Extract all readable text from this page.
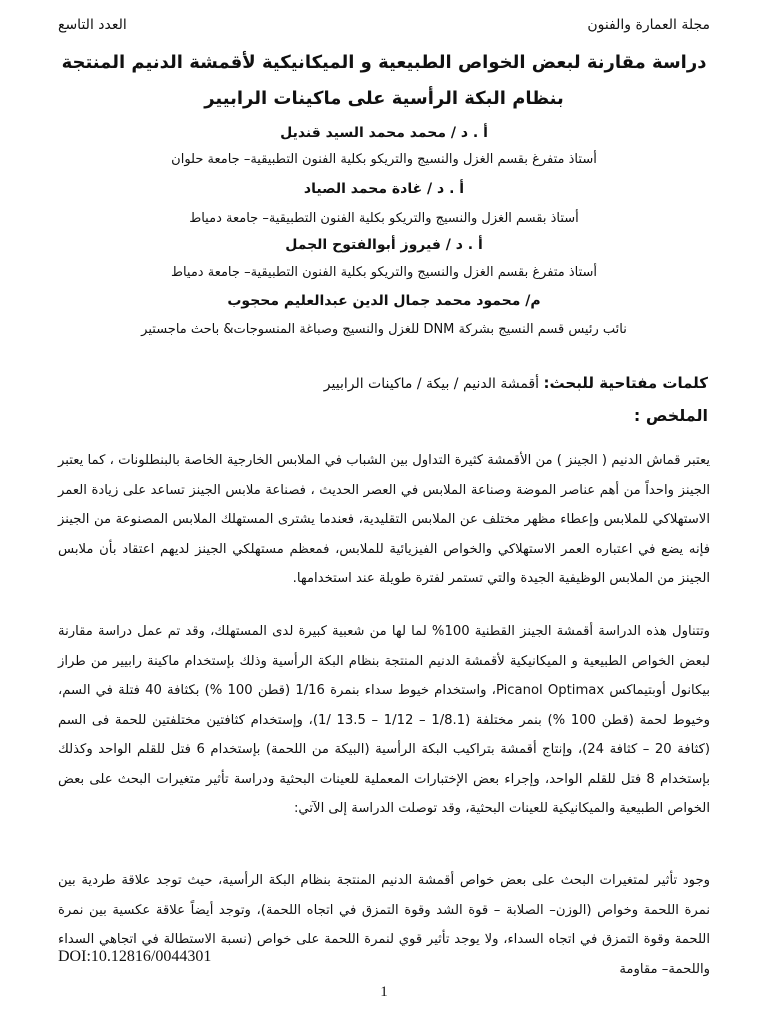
مجلة العمارة والفنون
العدد التاسع
دراسة مقارنة لبعض الخواص الطبيعية و الميكانيكية لأقمشة الدنيم المنتجة
بنظام البكة الرأسية على ماكينات الرابيير
أ . د / محمد محمد السيد قنديل
أستاذ متفرغ بقسم الغزل والنسيج والتريكو بكلية الفنون التطبيقية– جامعة حلوان
أ . د / غادة محمد الصياد
أستاذ بقسم الغزل والنسيج والتريكو بكلية الفنون التطبيقية– جامعة دمياط
أ . د / فيروز أبوالفتوح الجمل
أستاذ متفرغ بقسم الغزل والنسيج والتريكو بكلية الفنون التطبيقية– جامعة دمياط
م/ محمود محمد جمال الدين عبدالعليم محجوب
نائب رئيس قسم النسيج بشركة DNM للغزل والنسيج وصباغة المنسوجات& باحث ماجستير
كلمات مفتاحية للبحث: أقمشة الدنيم / بيكة / ماكينات الرابيير
الملخص :

يعتبر قماش الدنيم ( الجينز ) من الأقمشة كثيرة التداول بين الشباب في الملابس الخارجية الخاصة بالبنطلونات ، كما يعتبر الجينز واحداً من أهم عناصر الموضة وصناعة الملابس في العصر الحديث ، فصناعة ملابس الجينز تساعد على زيادة العمر الاستهلاكي للملابس وإعطاء مظهر مختلف عن الملابس التقليدية، فعندما يشترى المستهلك الملابس المصنوعة من الجينز فإنه يضع في اعتباره العمر الاستهلاكي والخواص الفيزيائية للملابس، فمعظم مستهلكي الجينز لديهم اعتقاد بأن ملابس الجينز من الملابس الوظيفية الجيدة والتي تستمر لفترة طويلة عند استخدامها.

وتتناول هذه الدراسة أقمشة الجينز القطنية 100% لما لها من شعبية كبيرة لدى المستهلك، وقد تم عمل دراسة مقارنة لبعض الخواص الطبيعية و الميكانيكية لأقمشة الدنيم المنتجة بنظام البكة الرأسية وذلك بإستخدام ماكينة رابيير من طراز بيكانول أوبتيماكس Picanol Optimax، واستخدام خيوط سداء بنمرة 1/16 (قطن 100 %) بكثافة 40 فتلة في السم، وخيوط لحمة (قطن 100 %) بنمر مختلفة (1/8.1 – 1/12 – 13.5 /1)، وإستخدام كثافتين مختلفتين للحمة فى السم (كثافة 20 – كثافة 24)، وإنتاج أقمشة بتراكيب البكة الرأسية (البيكة من اللحمة) بإستخدام 6 فتل للقلم الواحد وكذلك بإستخدام 8 فتل للقلم الواحد، وإجراء بعض الإختبارات المعملية للعينات البحثية ودراسة تأثير متغيرات البحث على بعض الخواص الطبيعية والميكانيكية للعينات البحثية، وقد توصلت الدراسة إلى الآتي:

وجود تأثير لمتغيرات البحث على بعض خواص أقمشة الدنيم المنتجة بنظام البكة الرأسية، حيث توجد علاقة طردية بين نمرة اللحمة وخواص (الوزن– الصلابة – قوة الشد وقوة التمزق في اتجاه اللحمة)، وتوجد أيضاً علاقة عكسية بين نمرة اللحمة وقوة التمزق في اتجاه السداء، ولا يوجد تأثير قوي لنمرة اللحمة على خواص (نسبة الاستطالة في اتجاهي السداء واللحمة– مقاومة

DOI:10.12816/0044301
1
